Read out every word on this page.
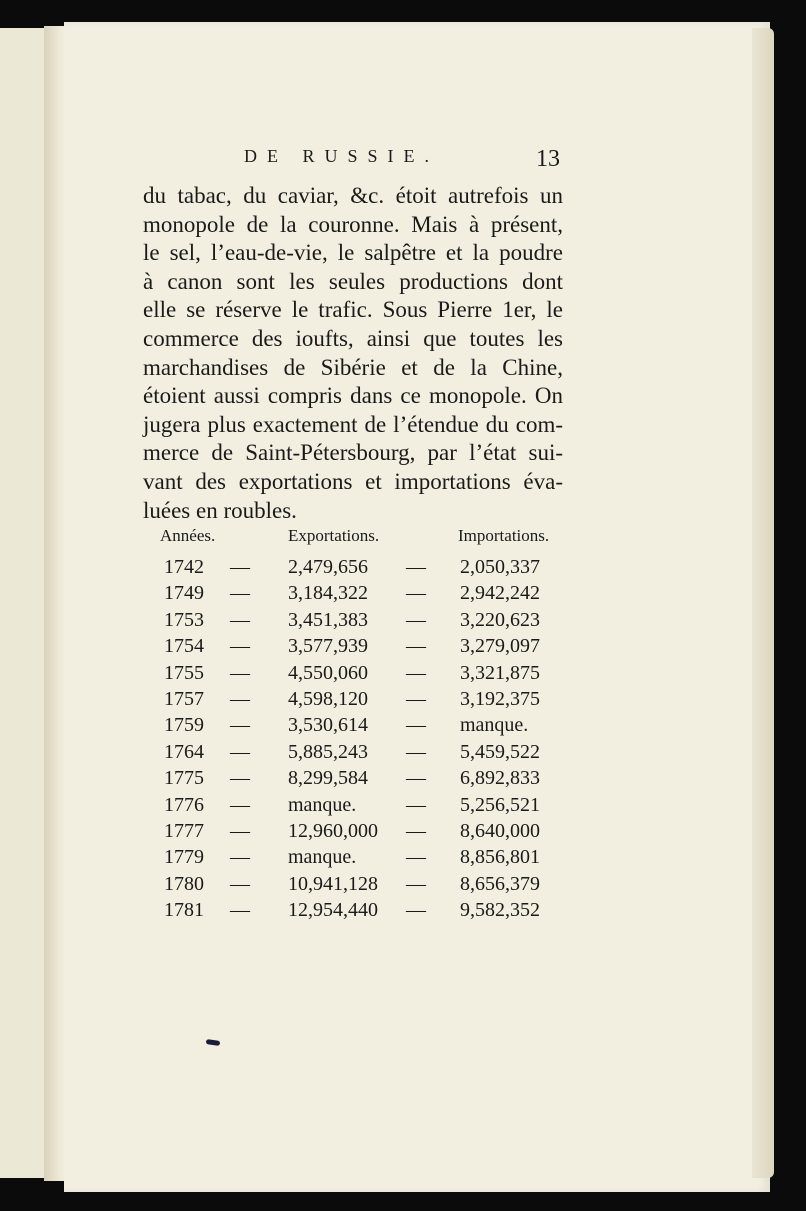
DE RUSSIE.	13
du tabac, du caviar, &c. étoit autrefois un
monopole de la couronne. Mais à présent,
le sel, l’eau-de-vie, le salpêtre et la poudre
à canon sont les seules productions dont
elle se réserve le trafic. Sous Pierre 1er, le
commerce des ioufts, ainsi que toutes les
marchandises de Sibérie et de la Chine,
étoient aussi compris dans ce monopole. On
jugera plus exactement de l’étendue du com-
merce de Saint-Pétersbourg, par l’état sui-
vant des exportations et importations éva-
luées en roubles.
Années.	Exportations.	Importations.
1742 — 2,479,656 — 2,050,337
1749 — 3,184,322 — 2,942,242
1753 — 3,451,383 — 3,220,623
1754 — 3,577,939 — 3,279,097
1755 — 4,550,060 — 3,321,875
1757 — 4,598,120 — 3,192,375
1759 — 3,530,614 — manque.
1764 — 5,885,243 — 5,459,522
1775 — 8,299,584 — 6,892,833
1776 — manque. — 5,256,521
1777 — 12,960,000 — 8,640,000
1779 — manque. — 8,856,801
1780 — 10,941,128 — 8,656,379
1781 — 12,954,440 — 9,582,352
